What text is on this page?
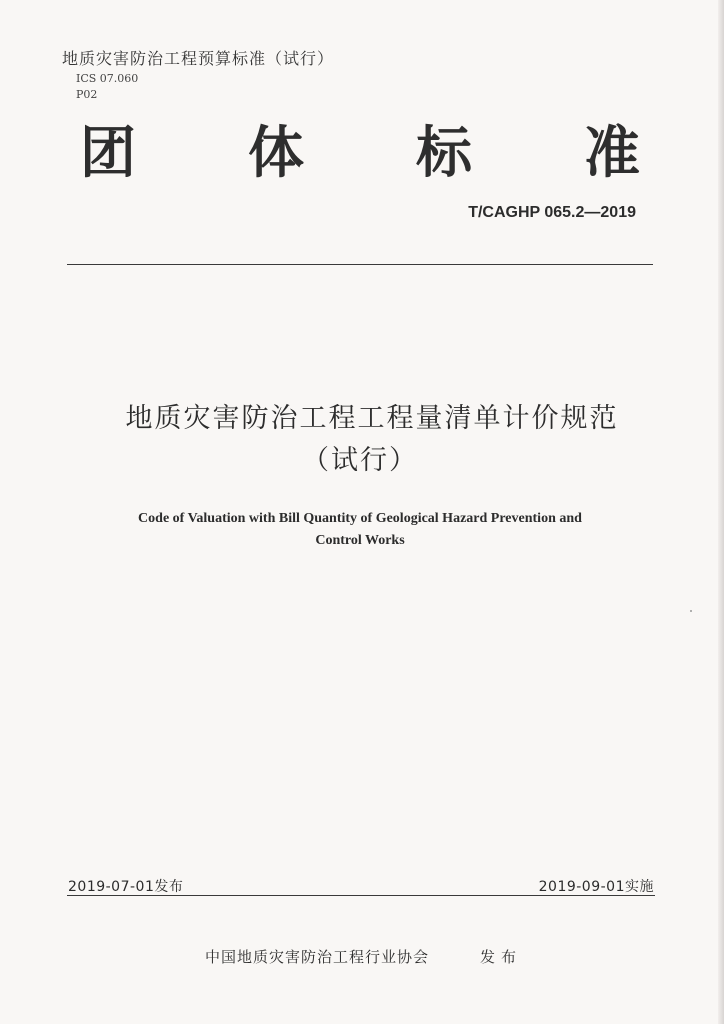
地质灾害防治工程预算标准（试行）
ICS 07.060
P02
团 体 标 准
T/CAGHP 065.2—2019
地质灾害防治工程工程量清单计价规范
（试行）
Code of Valuation with Bill Quantity of Geological Hazard Prevention and
Control Works
2019-07-01发布	2019-09-01实施
中国地质灾害防治工程行业协会	发布
